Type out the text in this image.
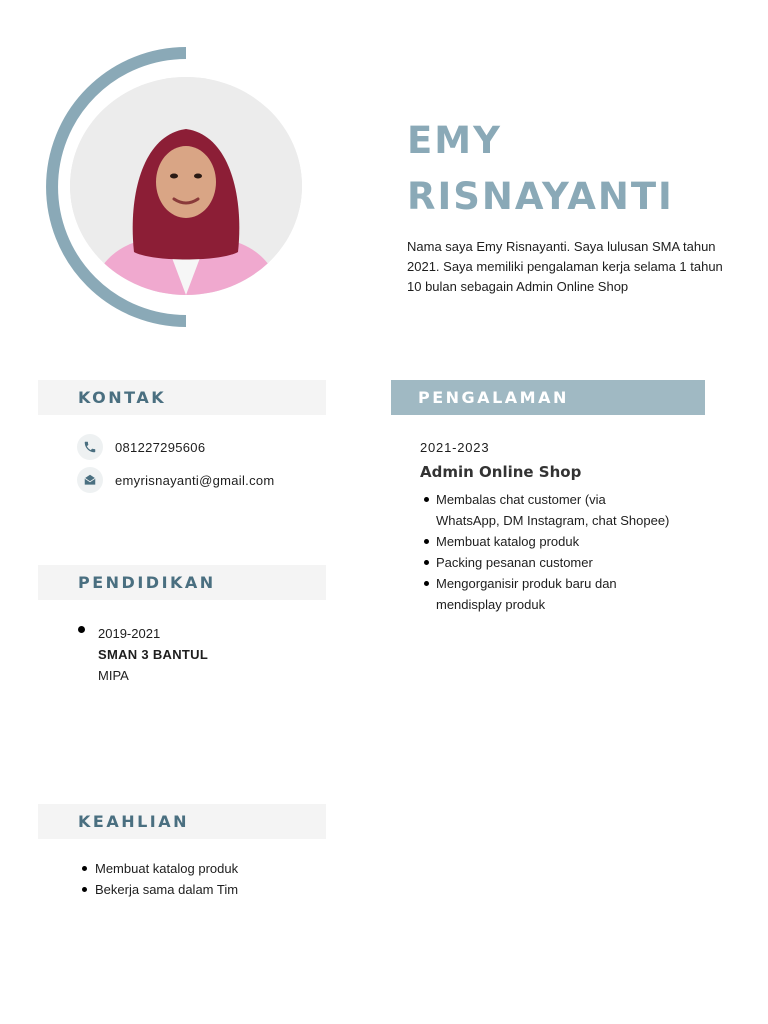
EMY
RISNAYANTI

Nama saya Emy Risnayanti. Saya lulusan SMA tahun 2021. Saya memiliki pengalaman kerja selama 1 tahun 10 bulan sebagain Admin Online Shop

KONTAK
081227295606
emyrisnayanti@gmail.com
PENDIDIKAN
2019-2021
SMAN 3 BANTUL
MIPA
KEAHLIAN
Membuat katalog produk
Bekerja sama dalam Tim
PENGALAMAN
2021-2023
Admin Online Shop
Membalas chat customer (via WhatsApp, DM Instagram, chat Shopee)
Membuat katalog produk
Packing pesanan customer
Mengorganisir produk baru dan mendisplay produk
